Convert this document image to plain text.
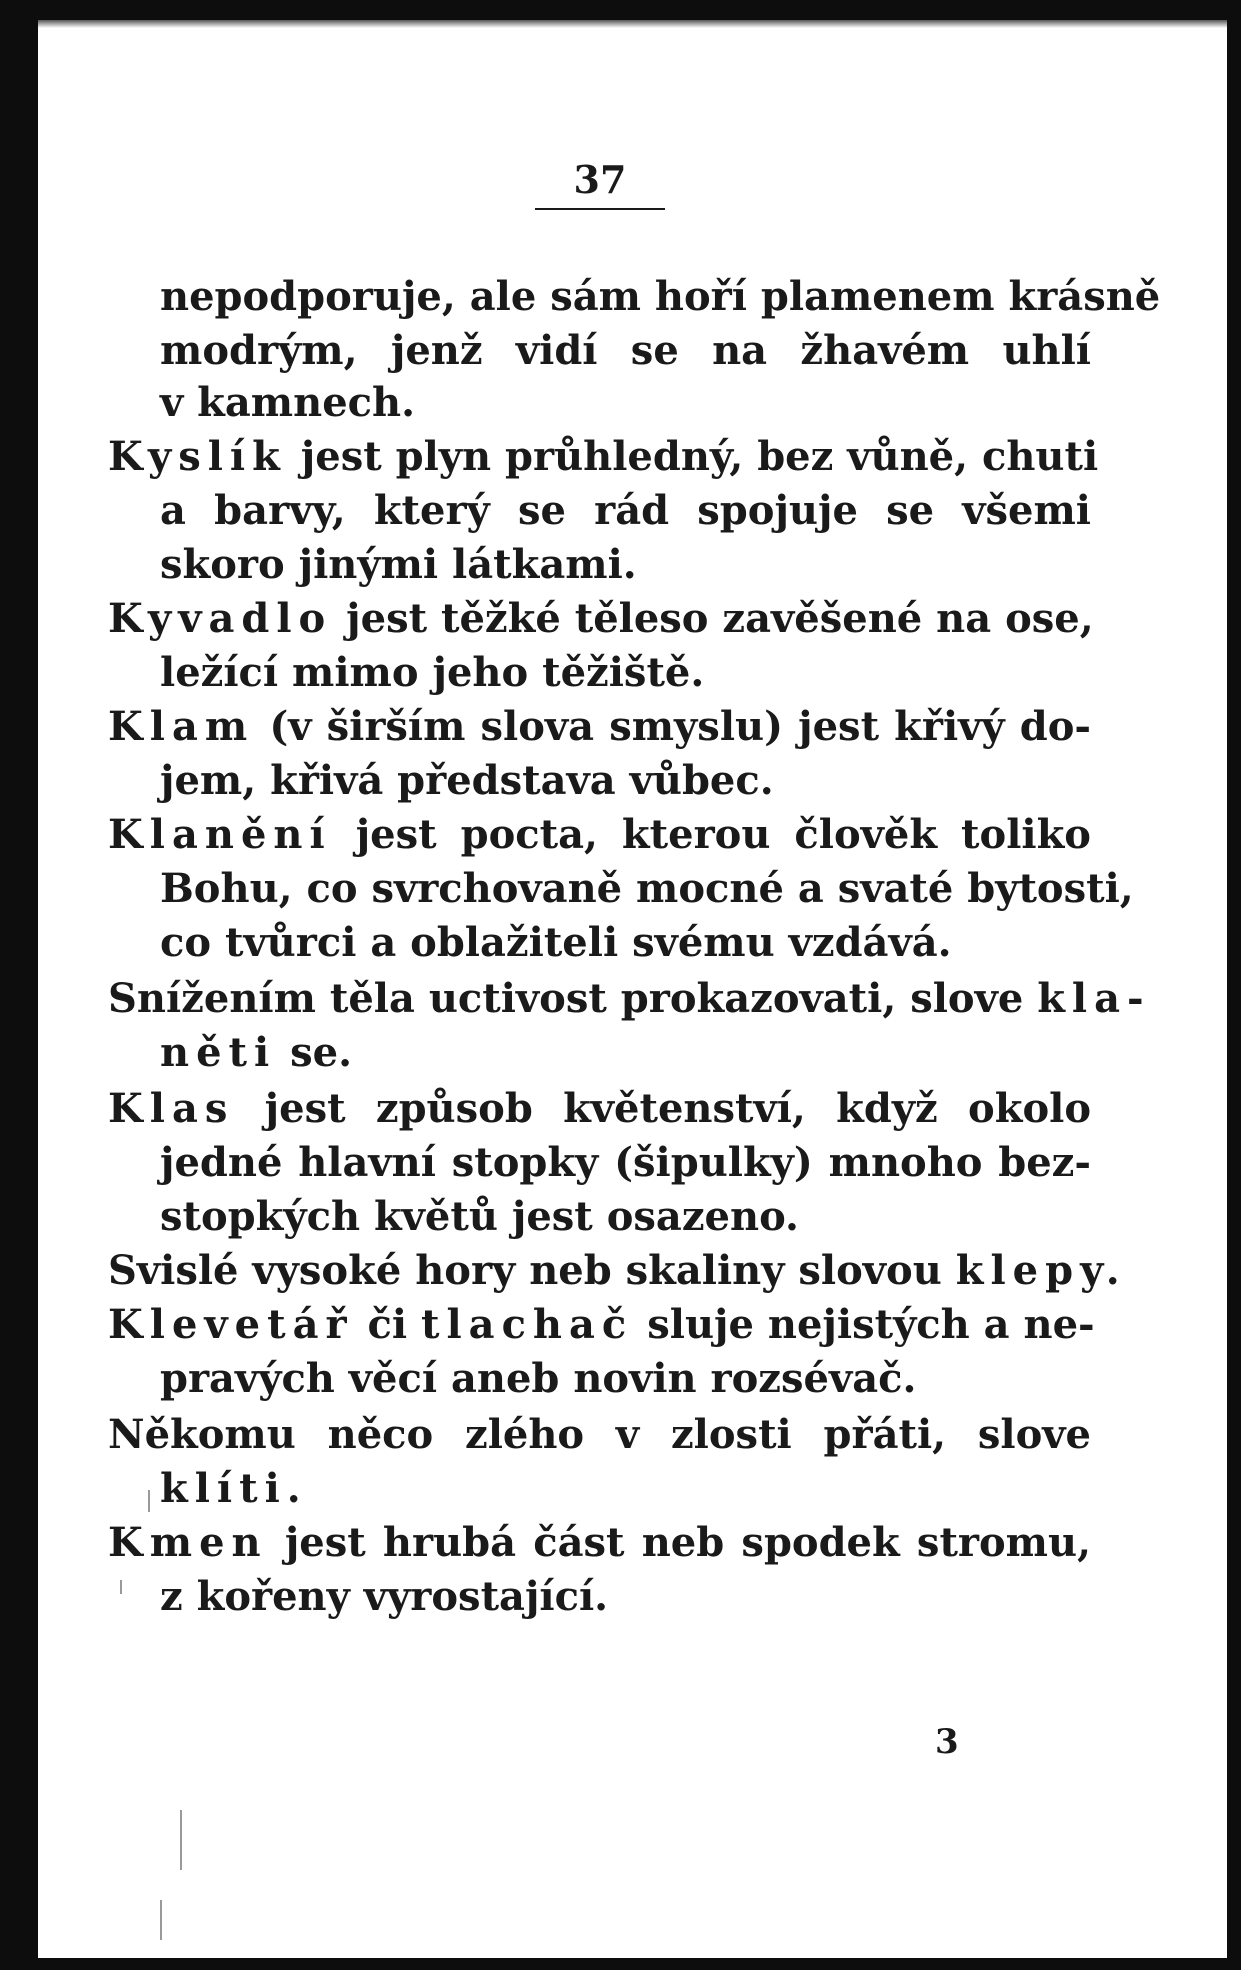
37
nepodporuje, ale sám hoří plamenem krásně
modrým, jenž vidí se na žhavém uhlí
v kamnech.
Kyslík jest plyn průhledný, bez vůně, chuti
a barvy, který se rád spojuje se všemi
skoro jinými látkami.
Kyvadlo jest těžké těleso zavěšené na ose,
ležící mimo jeho těžiště.
Klam (v širším slova smyslu) jest křivý do-
jem, křivá představa vůbec.
Klanění jest pocta, kterou člověk toliko
Bohu, co svrchovaně mocné a svaté bytosti,
co tvůrci a oblažiteli svému vzdává.
Snížením těla uctivost prokazovati, slove kla-
něti se.
Klas jest způsob květenství, když okolo
jedné hlavní stopky (šipulky) mnoho bez-
stopkých květů jest osazeno.
Svislé vysoké hory neb skaliny slovou klepy.
Klevetář či tlachač sluje nejistých a ne-
pravých věcí aneb novin rozsévač.
Někomu něco zlého v zlosti přáti, slove
klíti.
Kmen jest hrubá část neb spodek stromu,
z kořeny vyrostající.
3
